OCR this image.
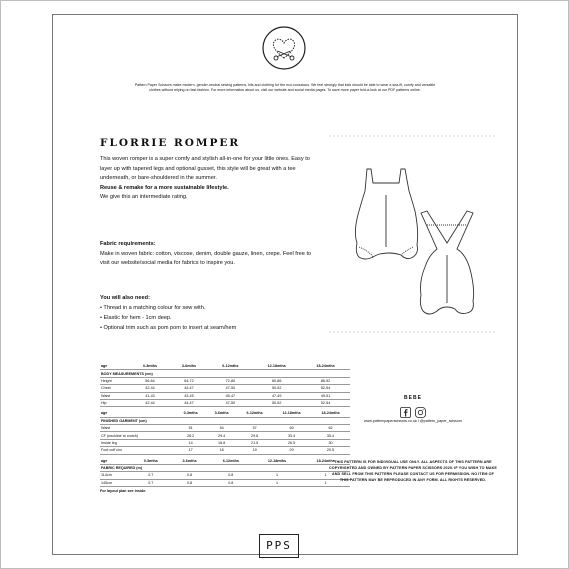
Pattern Paper Scissors make modern, gender-neutral sewing patterns, kits and clothing for the eco-conscious. We feel strongly that kids should be able to wear a sea-fit, comfy and versatile clothes without relying on fast fashion. For more information about us, visit our website and social media pages. To save more paper fold-a-look at our PDF patterns online.
FLORRIE ROMPER
This woven romper is a super comfy and stylish all-in-one for your little ones. Easy to layer up with tapered legs and optional gusset, this style will be great with a tee underneath, or bare-shouldered in the summer.
Reuse & remake for a more sustainable lifestyle.
We give this an intermediate rating.
Fabric requirements:
Make in woven fabric: cotton, viscose, denim, double gauze, linen, crepe. Feel free to visit our website/social media for fabrics to inspire you.
You will also need:
• Thread in a matching colour for sew with.
• Elastic for hem - 1cm deep.
• Optional trim such as pom pom to insert at seam/hem
age	0-3mths	3-6mths	6-12mths	12-18mths	18-24mths
BODY MEASUREMENTS (cm)					
Height	56-64	64-72	72-80	80-86	86-92
Chest	42-44	44-47	47-50	50-52	52-54
Waist	41-43	43-45	45-47	47-49	49-51
Hip	42-44	44-47	47-50	50-52	52-54
age	0-3mths	3-6mths	6-12mths	12-18mths	18-24mths
FINISHED GARMENT (cm)					
Waist	51	54	57	60	62
CF (neckline to crotch)	26.2	29.4	29.8	33.4	35.4
Inside leg	14	16.8	21.5	26.5	30
Foot cuff circ	17	18	19	20	20.5
age	0-3mths	3-6mths	6-12mths	12-18mths	18-24mths
FABRIC REQUIRED (m)					
114cm	0.7	0.8	0.8	1	1
145cm	0.7	0.8	0.8	1	1
For layout plan see inside.
BEBE
www.patternpaperscissors.co.uk / @pattern_paper_scissors
THIS PATTERN IS FOR INDIVIDUAL USE ONLY. ALL ASPECTS OF THIS PATTERN ARE COPYRIGHTED AND OWNED BY PATTERN PAPER SCISSORS 2020. IF YOU WISH TO MAKE AND SELL FROM THIS PATTERN PLEASE CONTACT US FOR PERMISSION. NO ITEM OF THIS PATTERN MAY BE REPRODUCED IN ANY FORM. ALL RIGHTS RESERVED.
PPS
